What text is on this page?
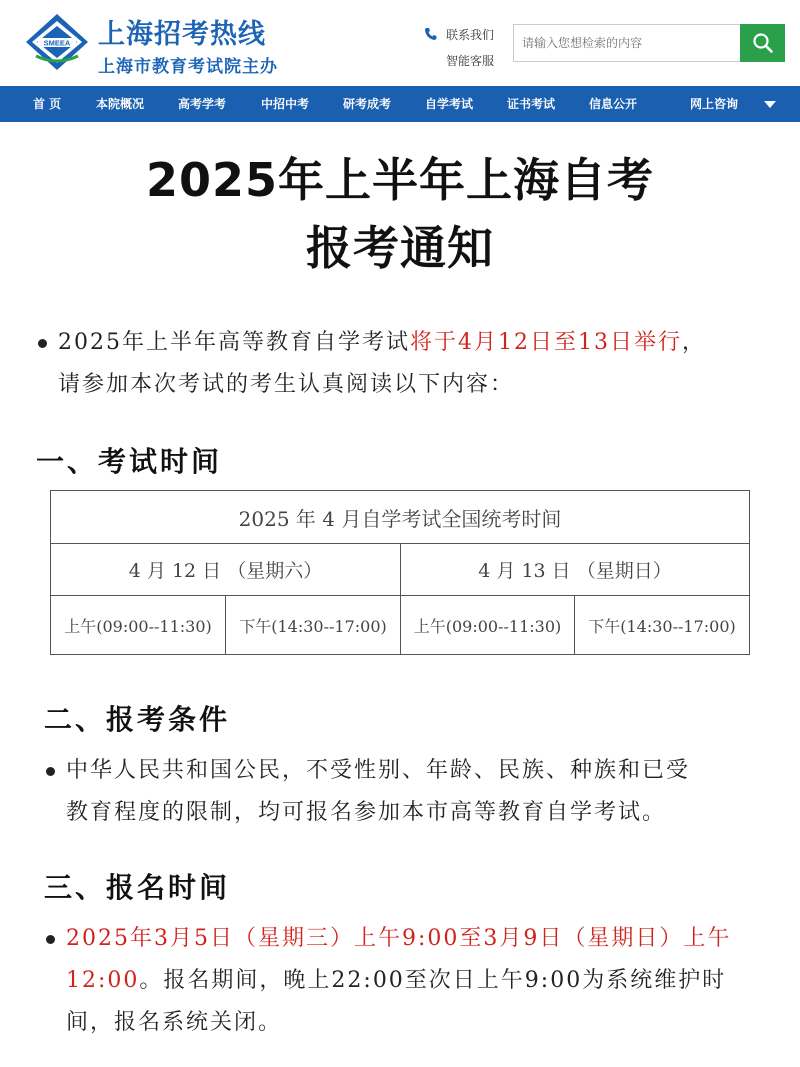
SMEEA 上海招考热线
上海市教育考试院主办
联系我们
智能客服
请输入您想检索的内容
首 页	本院概况	高考学考	中招中考	研考成考	自学考试	证书考试	信息公开	网上咨询
2025年上半年上海自考
报考通知
2025年上半年高等教育自学考试将于4月12日至13日举行，
请参加本次考试的考生认真阅读以下内容：
一、考试时间
2025 年 4 月自学考试全国统考时间
4 月 12 日 （星期六）	4 月 13 日 （星期日）
上午(09:00--11:30)	下午(14:30--17:00)	上午(09:00--11:30)	下午(14:30--17:00)
二、报考条件
中华人民共和国公民，不受性别、年龄、民族、种族和已受
教育程度的限制，均可报名参加本市高等教育自学考试。
三、报名时间
2025年3月5日（星期三）上午9:00至3月9日（星期日）上午
12:00。报名期间，晚上22:00至次日上午9:00为系统维护时
间，报名系统关闭。
